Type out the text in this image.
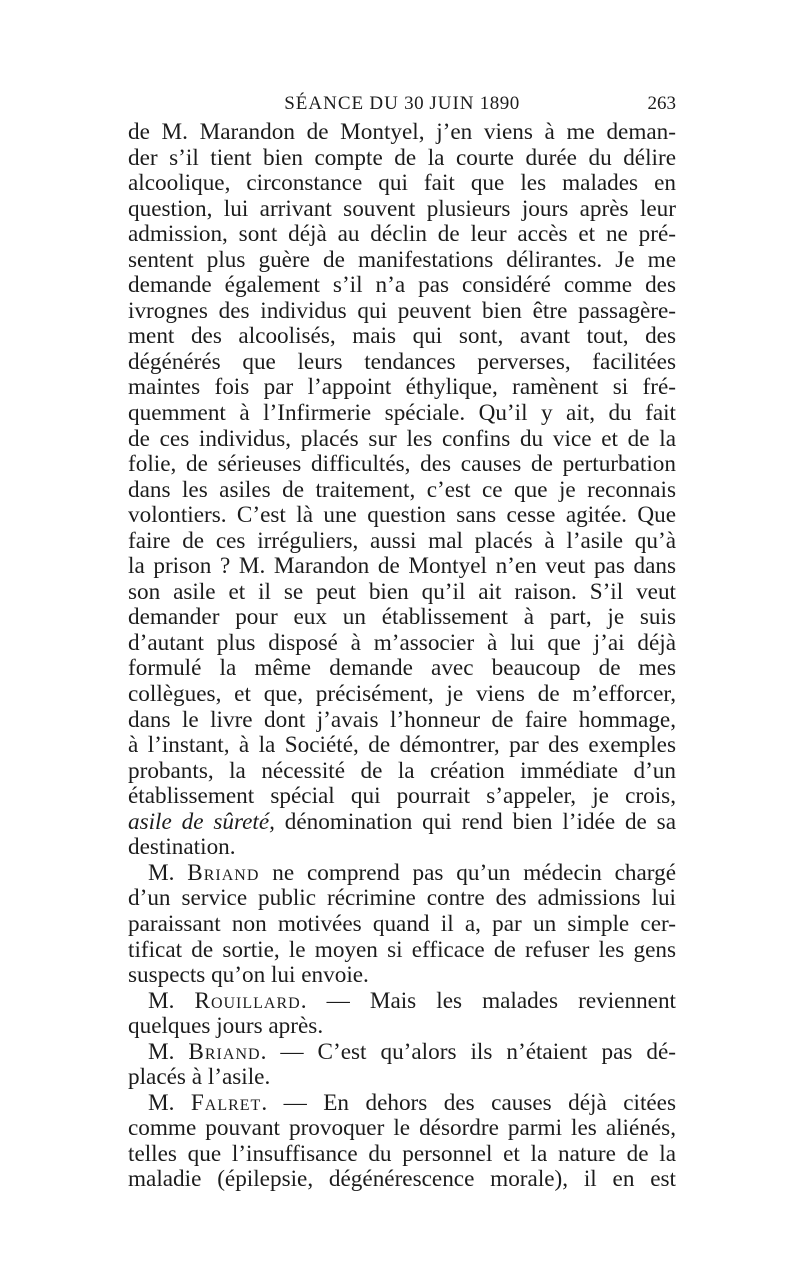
SÉANCE DU 30 JUIN 1890	263
de M. Marandon de Montyel, j’en viens à me deman-
der s’il tient bien compte de la courte durée du délire
alcoolique, circonstance qui fait que les malades en
question, lui arrivant souvent plusieurs jours après leur
admission, sont déjà au déclin de leur accès et ne pré-
sentent plus guère de manifestations délirantes. Je me
demande également s’il n’a pas considéré comme des
ivrognes des individus qui peuvent bien être passagère-
ment des alcoolisés, mais qui sont, avant tout, des
dégénérés que leurs tendances perverses, facilitées
maintes fois par l’appoint éthylique, ramènent si fré-
quemment à l’Infirmerie spéciale. Qu’il y ait, du fait
de ces individus, placés sur les confins du vice et de la
folie, de sérieuses difficultés, des causes de perturbation
dans les asiles de traitement, c’est ce que je reconnais
volontiers. C’est là une question sans cesse agitée. Que
faire de ces irréguliers, aussi mal placés à l’asile qu’à
la prison ? M. Marandon de Montyel n’en veut pas dans
son asile et il se peut bien qu’il ait raison. S’il veut
demander pour eux un établissement à part, je suis
d’autant plus disposé à m’associer à lui que j’ai déjà
formulé la même demande avec beaucoup de mes
collègues, et que, précisément, je viens de m’efforcer,
dans le livre dont j’avais l’honneur de faire hommage,
à l’instant, à la Société, de démontrer, par des exemples
probants, la nécessité de la création immédiate d’un
établissement spécial qui pourrait s’appeler, je crois,
asile de sûreté, dénomination qui rend bien l’idée de sa
destination.
M. Briand ne comprend pas qu’un médecin chargé
d’un service public récrimine contre des admissions lui
paraissant non motivées quand il a, par un simple cer-
tificat de sortie, le moyen si efficace de refuser les gens
suspects qu’on lui envoie.
M. Rouillard. — Mais les malades reviennent
quelques jours après.
M. Briand. — C’est qu’alors ils n’étaient pas dé-
placés à l’asile.
M. Falret. — En dehors des causes déjà citées
comme pouvant provoquer le désordre parmi les aliénés,
telles que l’insuffisance du personnel et la nature de la
maladie (épilepsie, dégénérescence morale), il en est
